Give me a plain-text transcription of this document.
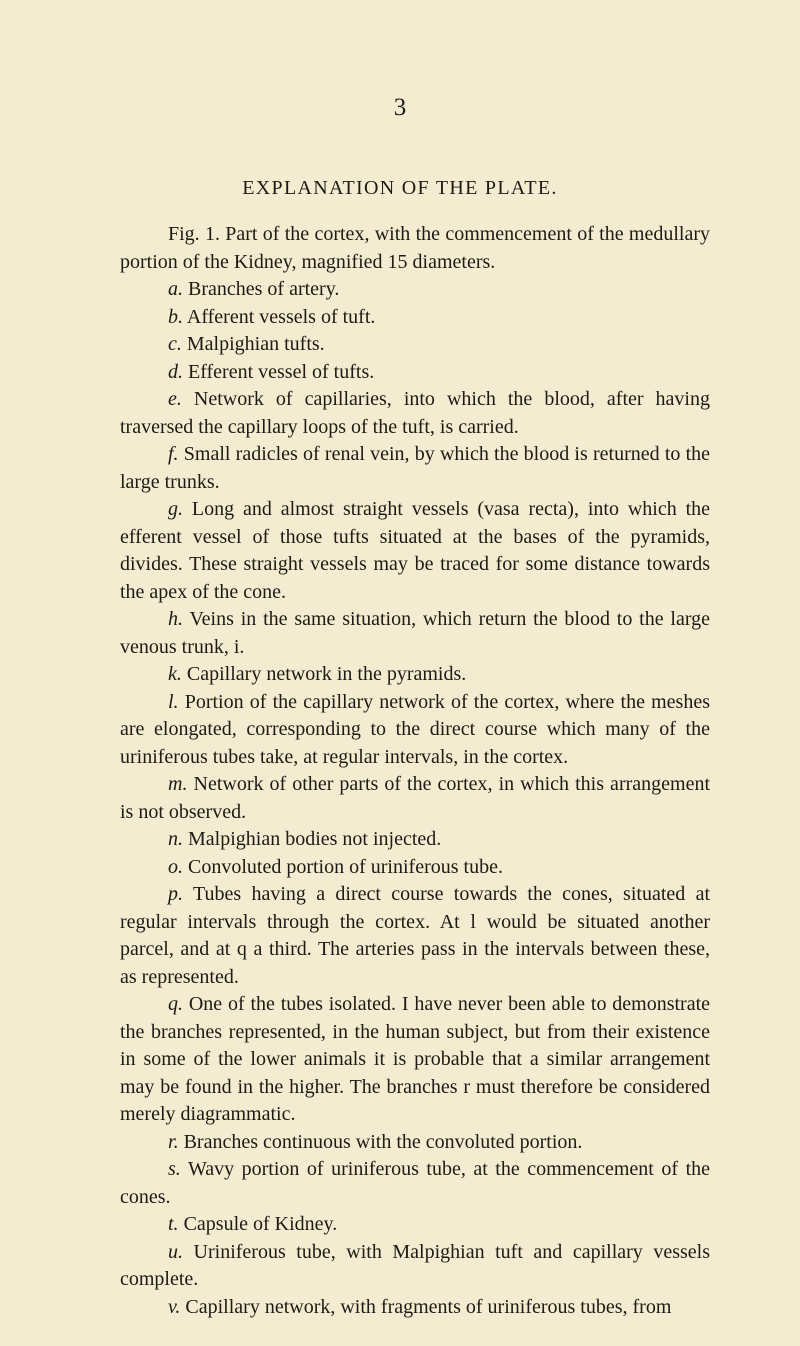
3
EXPLANATION OF THE PLATE.

Fig. 1. Part of the cortex, with the commencement of the medullary portion of the Kidney, magnified 15 diameters.

a. Branches of artery.

b. Afferent vessels of tuft.

c. Malpighian tufts.

d. Efferent vessel of tufts.

e. Network of capillaries, into which the blood, after having traversed the capillary loops of the tuft, is carried.

f. Small radicles of renal vein, by which the blood is returned to the large trunks.

g. Long and almost straight vessels (vasa recta), into which the efferent vessel of those tufts situated at the bases of the pyramids, divides. These straight vessels may be traced for some distance towards the apex of the cone.

h. Veins in the same situation, which return the blood to the large venous trunk, i.

k. Capillary network in the pyramids.

l. Portion of the capillary network of the cortex, where the meshes are elongated, corresponding to the direct course which many of the uriniferous tubes take, at regular intervals, in the cortex.

m. Network of other parts of the cortex, in which this arrangement is not observed.

n. Malpighian bodies not injected.

o. Convoluted portion of uriniferous tube.

p. Tubes having a direct course towards the cones, situated at regular intervals through the cortex. At l would be situated another parcel, and at q a third. The arteries pass in the intervals between these, as represented.

q. One of the tubes isolated. I have never been able to demonstrate the branches represented, in the human subject, but from their existence in some of the lower animals it is probable that a similar arrangement may be found in the higher. The branches r must therefore be considered merely diagrammatic.

r. Branches continuous with the convoluted portion.

s. Wavy portion of uriniferous tube, at the commencement of the cones.

t. Capsule of Kidney.

u. Uriniferous tube, with Malpighian tuft and capillary vessels complete.

v. Capillary network, with fragments of uriniferous tubes, from
